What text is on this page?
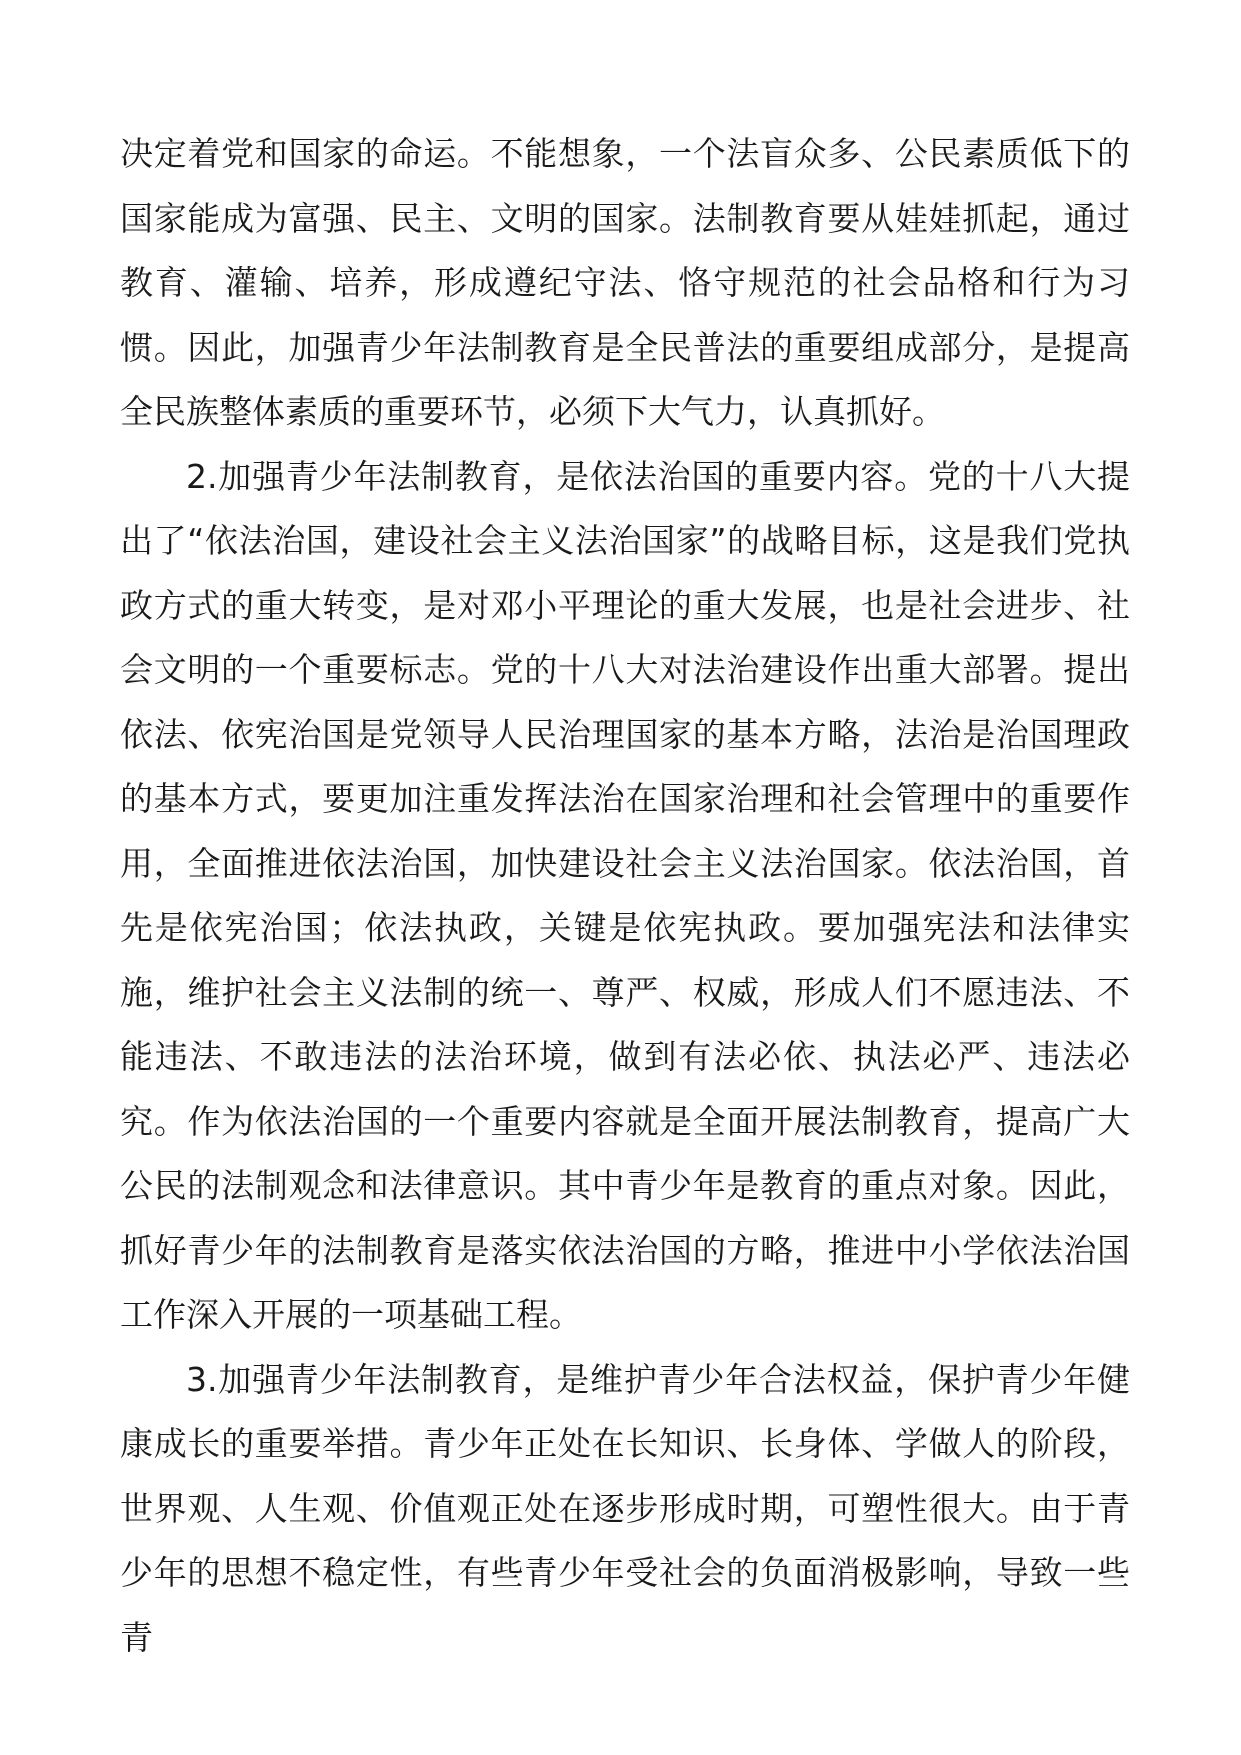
决定着党和国家的命运。不能想象，一个法盲众多、公民素质低下的国家能成为富强、民主、文明的国家。法制教育要从娃娃抓起，通过教育、灌输、培养，形成遵纪守法、恪守规范的社会品格和行为习惯。因此，加强青少年法制教育是全民普法的重要组成部分，是提高全民族整体素质的重要环节，必须下大气力，认真抓好。

2.加强青少年法制教育，是依法治国的重要内容。党的十八大提出了“依法治国，建设社会主义法治国家”的战略目标，这是我们党执政方式的重大转变，是对邓小平理论的重大发展，也是社会进步、社会文明的一个重要标志。党的十八大对法治建设作出重大部署。提出依法、依宪治国是党领导人民治理国家的基本方略，法治是治国理政的基本方式，要更加注重发挥法治在国家治理和社会管理中的重要作用，全面推进依法治国，加快建设社会主义法治国家。依法治国，首先是依宪治国；依法执政，关键是依宪执政。要加强宪法和法律实施，维护社会主义法制的统一、尊严、权威，形成人们不愿违法、不能违法、不敢违法的法治环境，做到有法必依、执法必严、违法必究。作为依法治国的一个重要内容就是全面开展法制教育，提高广大公民的法制观念和法律意识。其中青少年是教育的重点对象。因此，抓好青少年的法制教育是落实依法治国的方略，推进中小学依法治国工作深入开展的一项基础工程。

3.加强青少年法制教育，是维护青少年合法权益，保护青少年健康成长的重要举措。青少年正处在长知识、长身体、学做人的阶段，世界观、人生观、价值观正处在逐步形成时期，可塑性很大。由于青少年的思想不稳定性，有些青少年受社会的负面消极影响，导致一些青
